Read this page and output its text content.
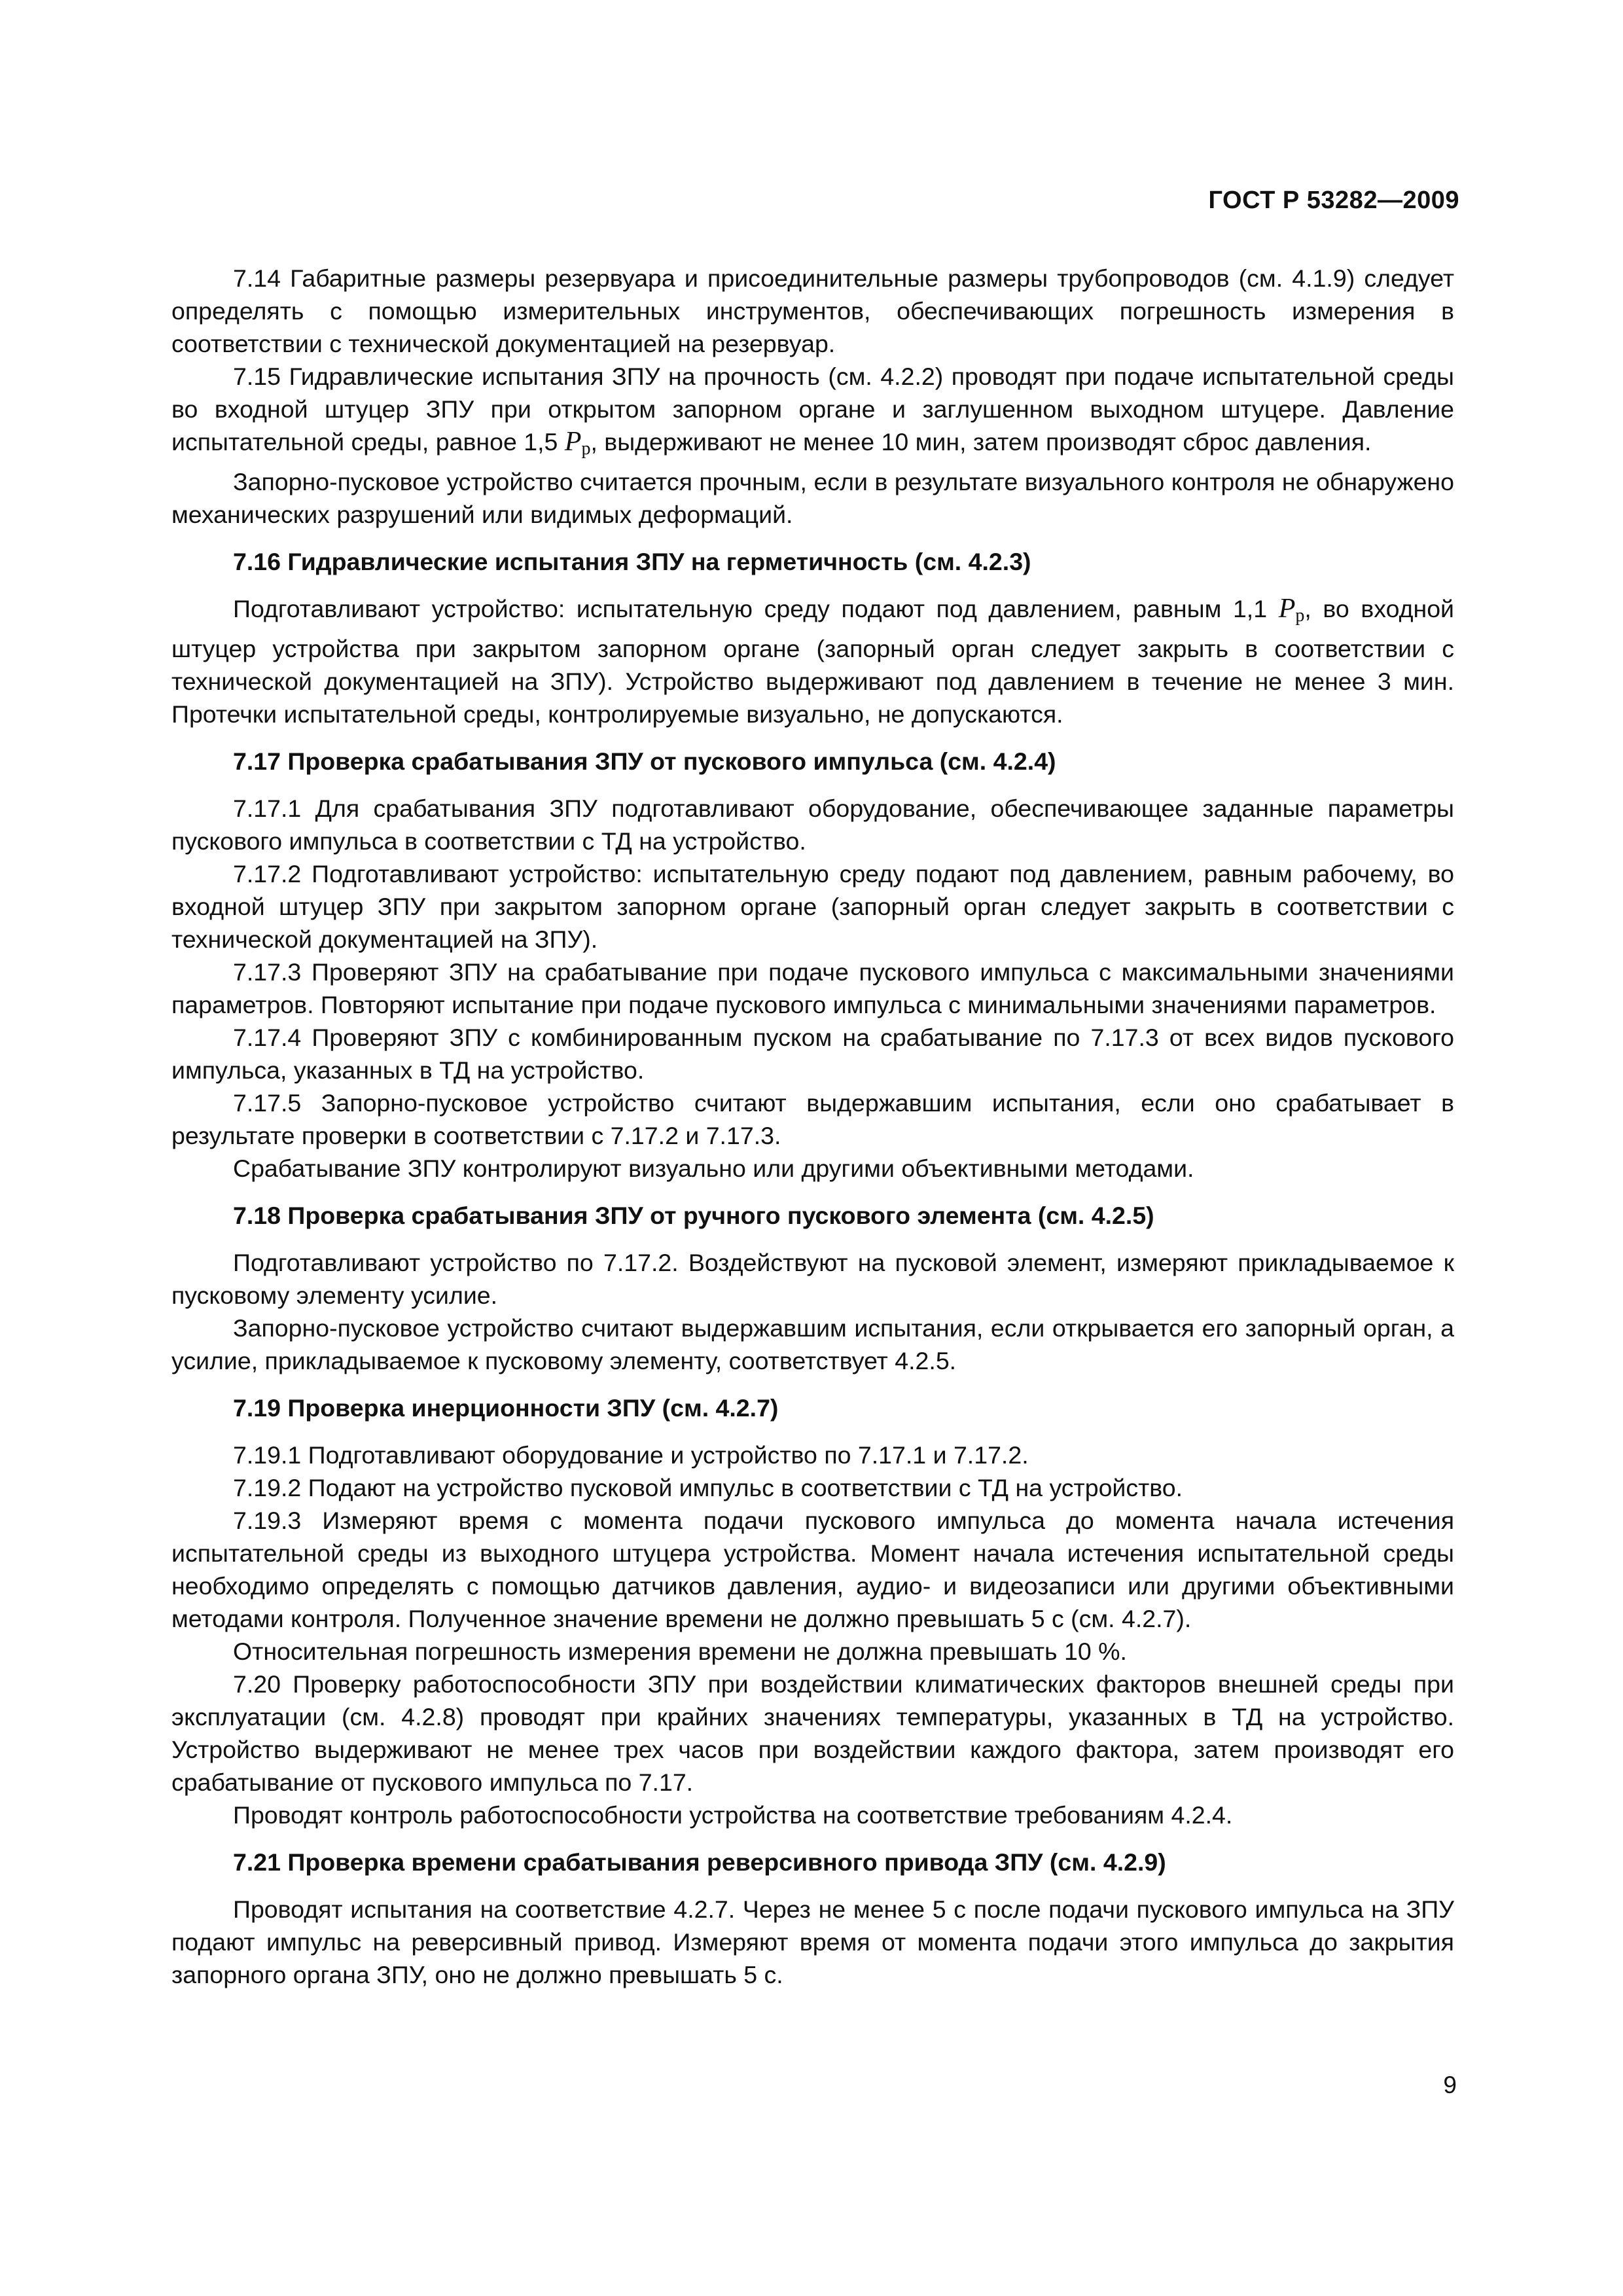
ГОСТ Р 53282—2009

7.14 Габаритные размеры резервуара и присоединительные размеры трубопроводов (см. 4.1.9) следует определять с помощью измерительных инструментов, обеспечивающих погрешность измерения в соответствии с технической документацией на резервуар.

7.15 Гидравлические испытания ЗПУ на прочность (см. 4.2.2) проводят при подаче испытательной среды во входной штуцер ЗПУ при открытом запорном органе и заглушенном выходном штуцере. Давление испытательной среды, равное 1,5 $P_р$, выдерживают не менее 10 мин, затем производят сброс давления.

Запорно-пусковое устройство считается прочным, если в результате визуального контроля не обнаружено механических разрушений или видимых деформаций.

7.16 Гидравлические испытания ЗПУ на герметичность (см. 4.2.3)

Подготавливают устройство: испытательную среду подают под давлением, равным 1,1 $P_р$, во входной штуцер устройства при закрытом запорном органе (запорный орган следует закрыть в соответствии с технической документацией на ЗПУ). Устройство выдерживают под давлением в течение не менее 3 мин. Протечки испытательной среды, контролируемые визуально, не допускаются.

7.17 Проверка срабатывания ЗПУ от пускового импульса (см. 4.2.4)

7.17.1 Для срабатывания ЗПУ подготавливают оборудование, обеспечивающее заданные параметры пускового импульса в соответствии с ТД на устройство.

7.17.2 Подготавливают устройство: испытательную среду подают под давлением, равным рабочему, во входной штуцер ЗПУ при закрытом запорном органе (запорный орган следует закрыть в соответствии с технической документацией на ЗПУ).

7.17.3 Проверяют ЗПУ на срабатывание при подаче пускового импульса с максимальными значениями параметров. Повторяют испытание при подаче пускового импульса с минимальными значениями параметров.

7.17.4 Проверяют ЗПУ с комбинированным пуском на срабатывание по 7.17.3 от всех видов пускового импульса, указанных в ТД на устройство.

7.17.5 Запорно-пусковое устройство считают выдержавшим испытания, если оно срабатывает в результате проверки в соответствии с 7.17.2 и 7.17.3.

Срабатывание ЗПУ контролируют визуально или другими объективными методами.

7.18 Проверка срабатывания ЗПУ от ручного пускового элемента (см. 4.2.5)

Подготавливают устройство по 7.17.2. Воздействуют на пусковой элемент, измеряют прикладываемое к пусковому элементу усилие.

Запорно-пусковое устройство считают выдержавшим испытания, если открывается его запорный орган, а усилие, прикладываемое к пусковому элементу, соответствует 4.2.5.

7.19 Проверка инерционности ЗПУ (см. 4.2.7)

7.19.1 Подготавливают оборудование и устройство по 7.17.1 и 7.17.2.

7.19.2 Подают на устройство пусковой импульс в соответствии с ТД на устройство.

7.19.3 Измеряют время с момента подачи пускового импульса до момента начала истечения испытательной среды из выходного штуцера устройства. Момент начала истечения испытательной среды необходимо определять с помощью датчиков давления, аудио- и видеозаписи или другими объективными методами контроля. Полученное значение времени не должно превышать 5 с (см. 4.2.7).

Относительная погрешность измерения времени не должна превышать 10 %.

7.20 Проверку работоспособности ЗПУ при воздействии климатических факторов внешней среды при эксплуатации (см. 4.2.8) проводят при крайних значениях температуры, указанных в ТД на устройство. Устройство выдерживают не менее трех часов при воздействии каждого фактора, затем производят его срабатывание от пускового импульса по 7.17.

Проводят контроль работоспособности устройства на соответствие требованиям 4.2.4.

7.21 Проверка времени срабатывания реверсивного привода ЗПУ (см. 4.2.9)

Проводят испытания на соответствие 4.2.7. Через не менее 5 с после подачи пускового импульса на ЗПУ подают импульс на реверсивный привод. Измеряют время от момента подачи этого импульса до закрытия запорного органа ЗПУ, оно не должно превышать 5 с.

9
